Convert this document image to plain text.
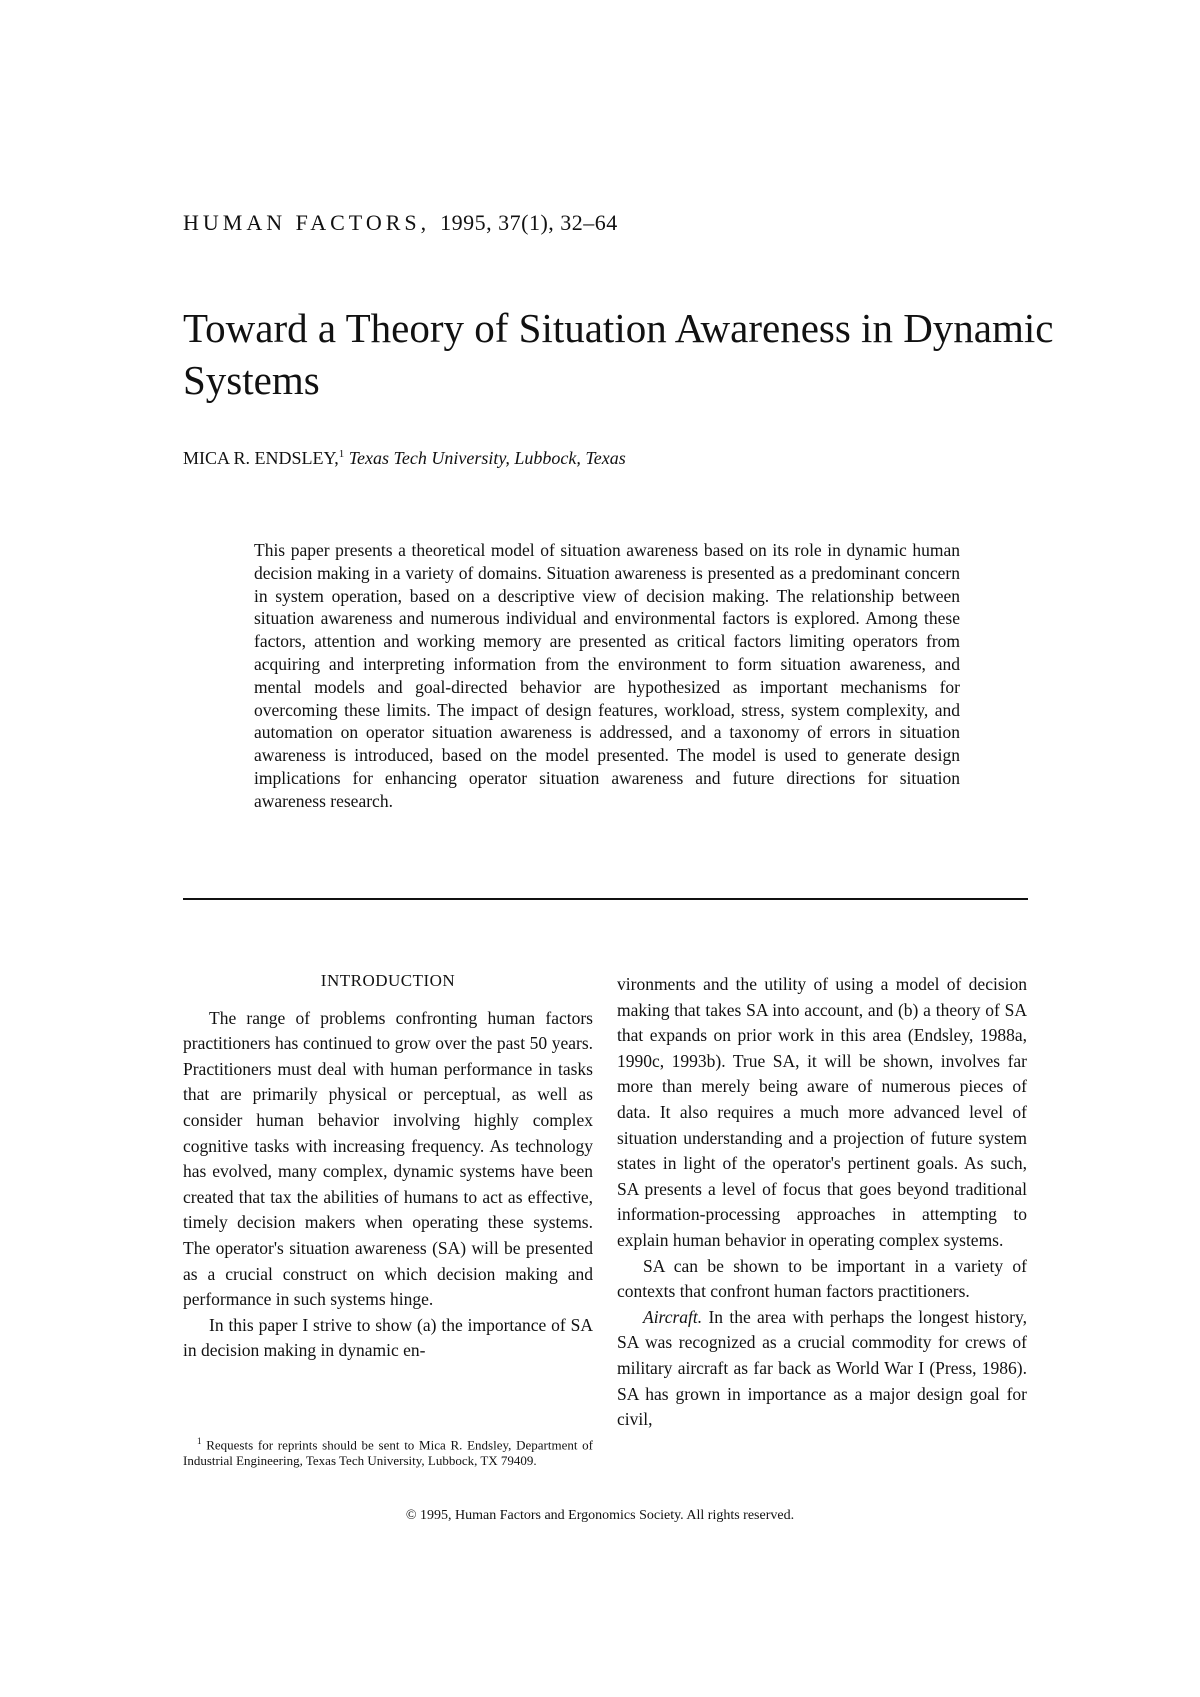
HUMAN FACTORS, 1995, 37(1), 32–64
Toward a Theory of Situation Awareness in Dynamic Systems
MICA R. ENDSLEY,$^1$ Texas Tech University, Lubbock, Texas

This paper presents a theoretical model of situation awareness based on its role in dynamic human decision making in a variety of domains. Situation awareness is presented as a predominant concern in system operation, based on a descriptive view of decision making. The relationship between situation awareness and numerous individual and environmental factors is explored. Among these factors, attention and working memory are presented as critical factors limiting operators from acquiring and interpreting information from the environment to form situation awareness, and mental models and goal-directed behavior are hypothesized as important mechanisms for overcoming these limits. The impact of design features, workload, stress, system complexity, and automation on operator situation awareness is addressed, and a taxonomy of errors in situation awareness is introduced, based on the model presented. The model is used to generate design implications for enhancing operator situation awareness and future directions for situation awareness research.

INTRODUCTION

The range of problems confronting human factors practitioners has continued to grow over the past 50 years. Practitioners must deal with human performance in tasks that are primarily physical or perceptual, as well as consider human behavior involving highly complex cognitive tasks with increasing frequency. As technology has evolved, many complex, dynamic systems have been created that tax the abilities of humans to act as effective, timely decision makers when operating these systems. The operator's situation awareness (SA) will be presented as a crucial construct on which decision making and performance in such systems hinge.

In this paper I strive to show (a) the importance of SA in decision making in dynamic en-

vironments and the utility of using a model of decision making that takes SA into account, and (b) a theory of SA that expands on prior work in this area (Endsley, 1988a, 1990c, 1993b). True SA, it will be shown, involves far more than merely being aware of numerous pieces of data. It also requires a much more advanced level of situation understanding and a projection of future system states in light of the operator's pertinent goals. As such, SA presents a level of focus that goes beyond traditional information-processing approaches in attempting to explain human behavior in operating complex systems.

SA can be shown to be important in a variety of contexts that confront human factors practitioners.

Aircraft. In the area with perhaps the longest history, SA was recognized as a crucial commodity for crews of military aircraft as far back as World War I (Press, 1986). SA has grown in importance as a major design goal for civil,

$^1$ Requests for reprints should be sent to Mica R. Endsley, Department of Industrial Engineering, Texas Tech University, Lubbock, TX 79409.

© 1995, Human Factors and Ergonomics Society. All rights reserved.
